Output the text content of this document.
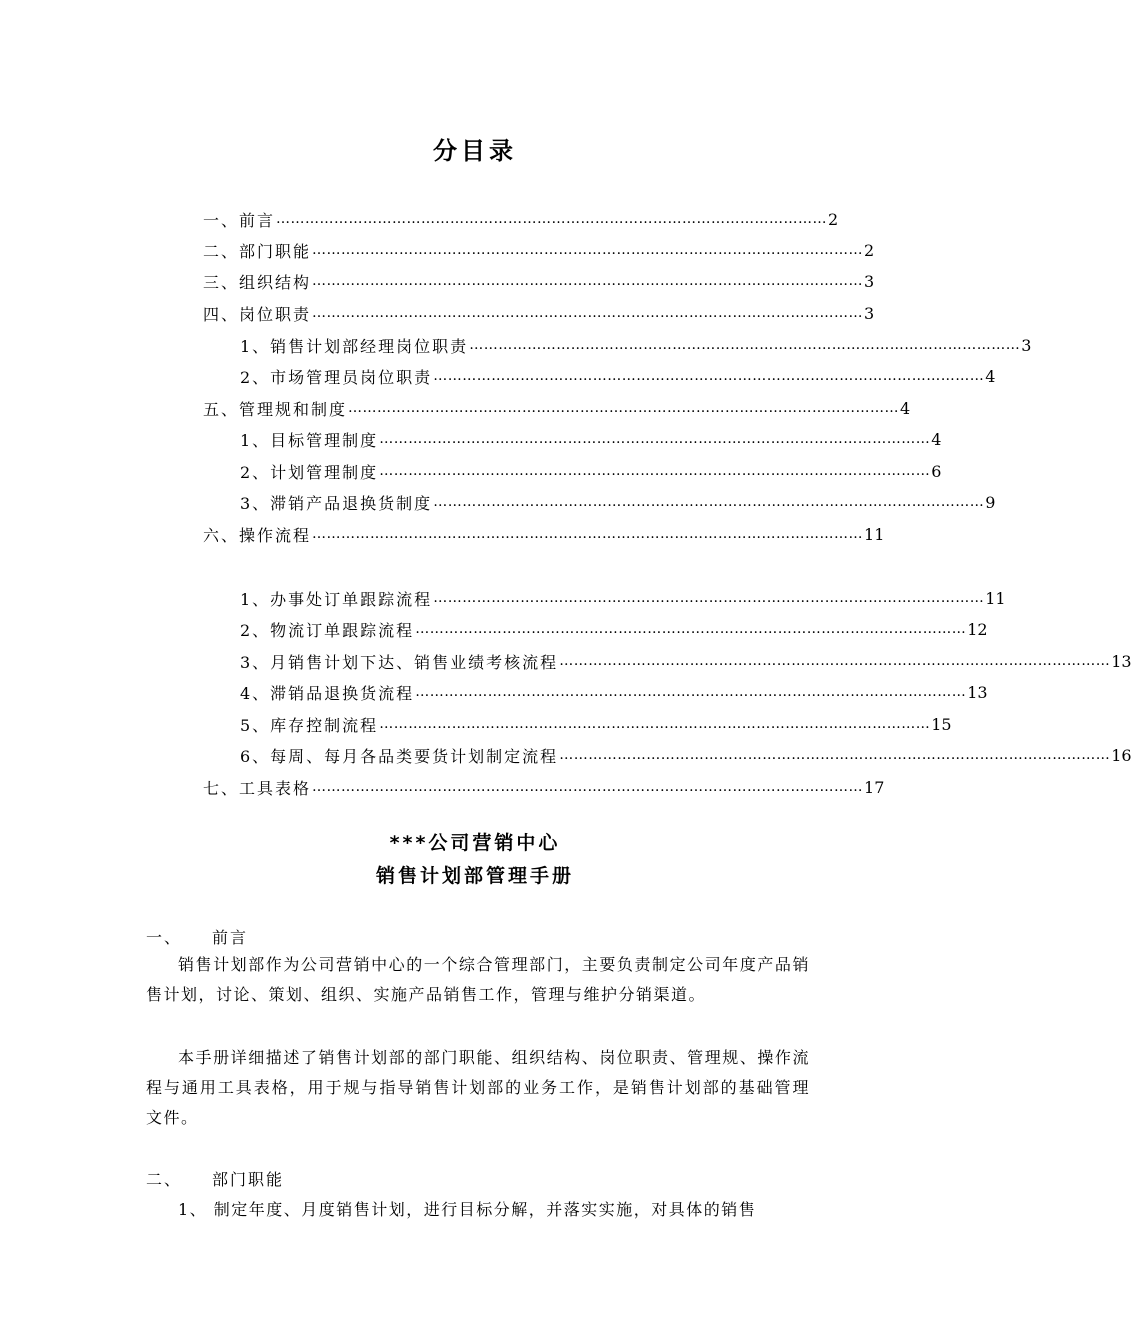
分目录
一、前言 …………………………………………………………………………………………………… 2
二、部门职能 …………………………………………………………………………………………………… 2
三、组织结构 …………………………………………………………………………………………………… 3
四、岗位职责 …………………………………………………………………………………………………… 3
1、销售计划部经理岗位职责 …………………………………………………………………………………………………… 3
2、市场管理员岗位职责 …………………………………………………………………………………………………… 4
五、管理规和制度 …………………………………………………………………………………………………… 4
1、目标管理制度 …………………………………………………………………………………………………… 4
2、计划管理制度 …………………………………………………………………………………………………… 6
3、滞销产品退换货制度 …………………………………………………………………………………………………… 9
六、操作流程 …………………………………………………………………………………………………… 11
1、办事处订单跟踪流程 …………………………………………………………………………………………………… 11
2、物流订单跟踪流程 …………………………………………………………………………………………………… 12
3、月销售计划下达、销售业绩考核流程 …………………………………………………………………………………………………… 13
4、滞销品退换货流程 …………………………………………………………………………………………………… 13
5、库存控制流程 …………………………………………………………………………………………………… 15
6、每周、每月各品类要货计划制定流程 …………………………………………………………………………………………………… 16
七、工具表格 …………………………………………………………………………………………………… 17
***公司营销中心
销售计划部管理手册
一、 前言

销售计划部作为公司营销中心的一个综合管理部门，主要负责制定公司年度产品销售计划，讨论、策划、组织、实施产品销售工作，管理与维护分销渠道。

本手册详细描述了销售计划部的部门职能、组织结构、岗位职责、管理规、操作流程与通用工具表格，用于规与指导销售计划部的业务工作，是销售计划部的基础管理文件。

二、 部门职能
1、 制定年度、月度销售计划，进行目标分解，并落实实施，对具体的销售
